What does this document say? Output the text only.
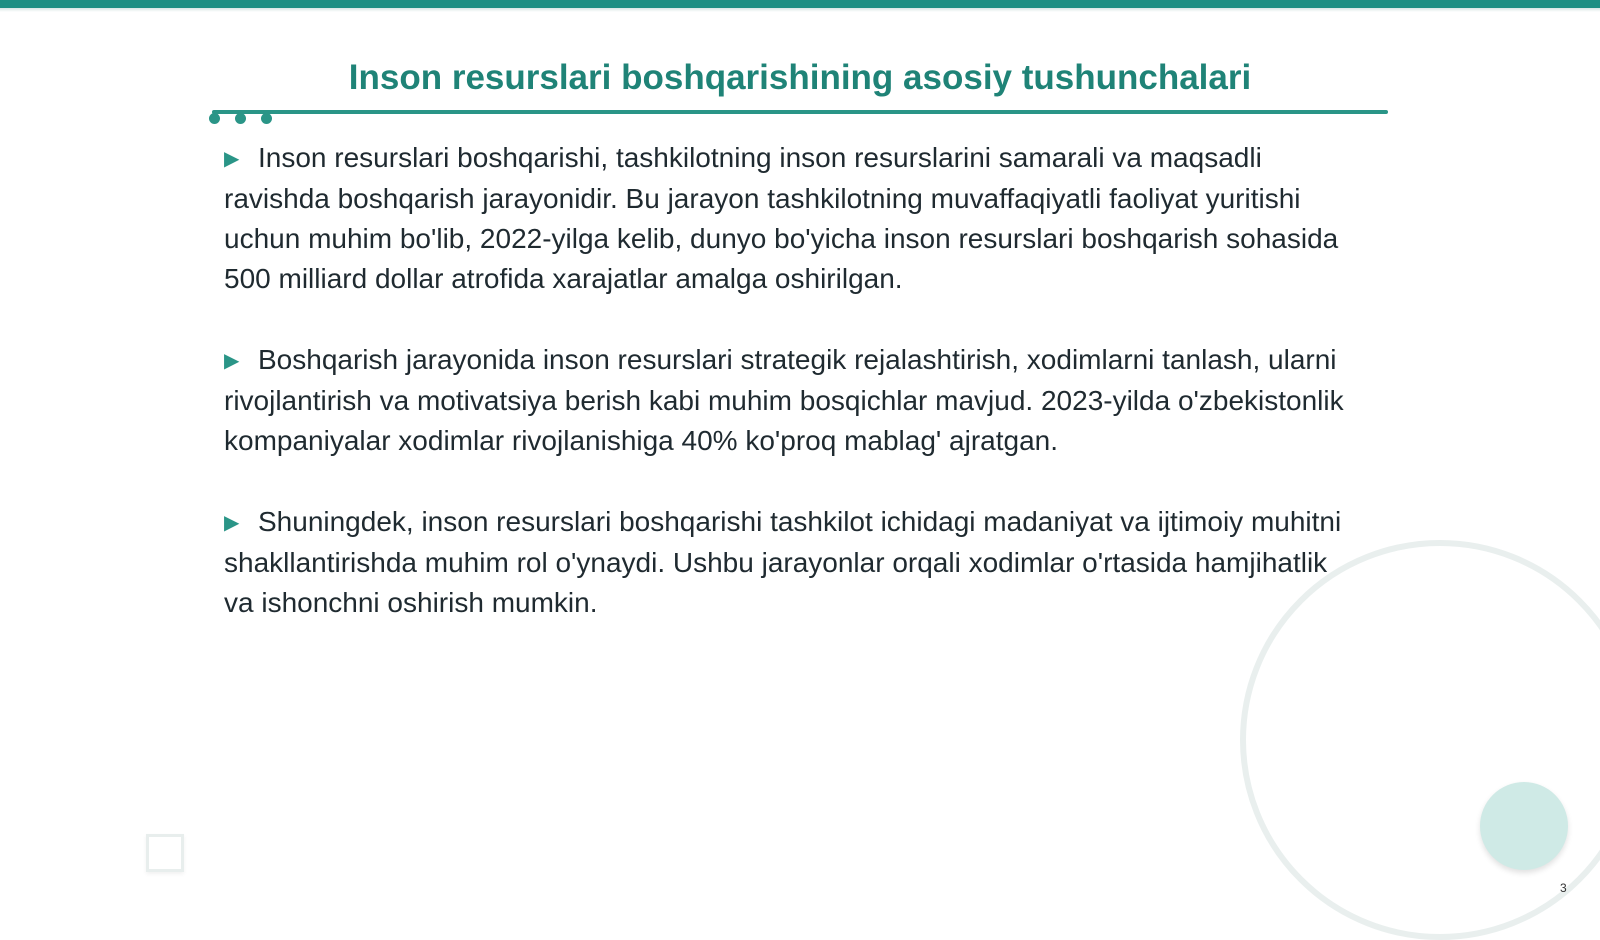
Inson resurslari boshqarishining asosiy tushunchalari

▶ Inson resurslari boshqarishi, tashkilotning inson resurslarini samarali va maqsadli ravishda boshqarish jarayonidir. Bu jarayon tashkilotning muvaffaqiyatli faoliyat yuritishi uchun muhim bo'lib, 2022-yilga kelib, dunyo bo'yicha inson resurslari boshqarish sohasida 500 milliard dollar atrofida xarajatlar amalga oshirilgan.

▶ Boshqarish jarayonida inson resurslari strategik rejalashtirish, xodimlarni tanlash, ularni rivojlantirish va motivatsiya berish kabi muhim bosqichlar mavjud. 2023-yilda o'zbekistonlik kompaniyalar xodimlar rivojlanishiga 40% ko'proq mablag' ajratgan.

▶ Shuningdek, inson resurslari boshqarishi tashkilot ichidagi madaniyat va ijtimoiy muhitni shakllantirishda muhim rol o'ynaydi. Ushbu jarayonlar orqali xodimlar o'rtasida hamjihatlik va ishonchni oshirish mumkin.

3
